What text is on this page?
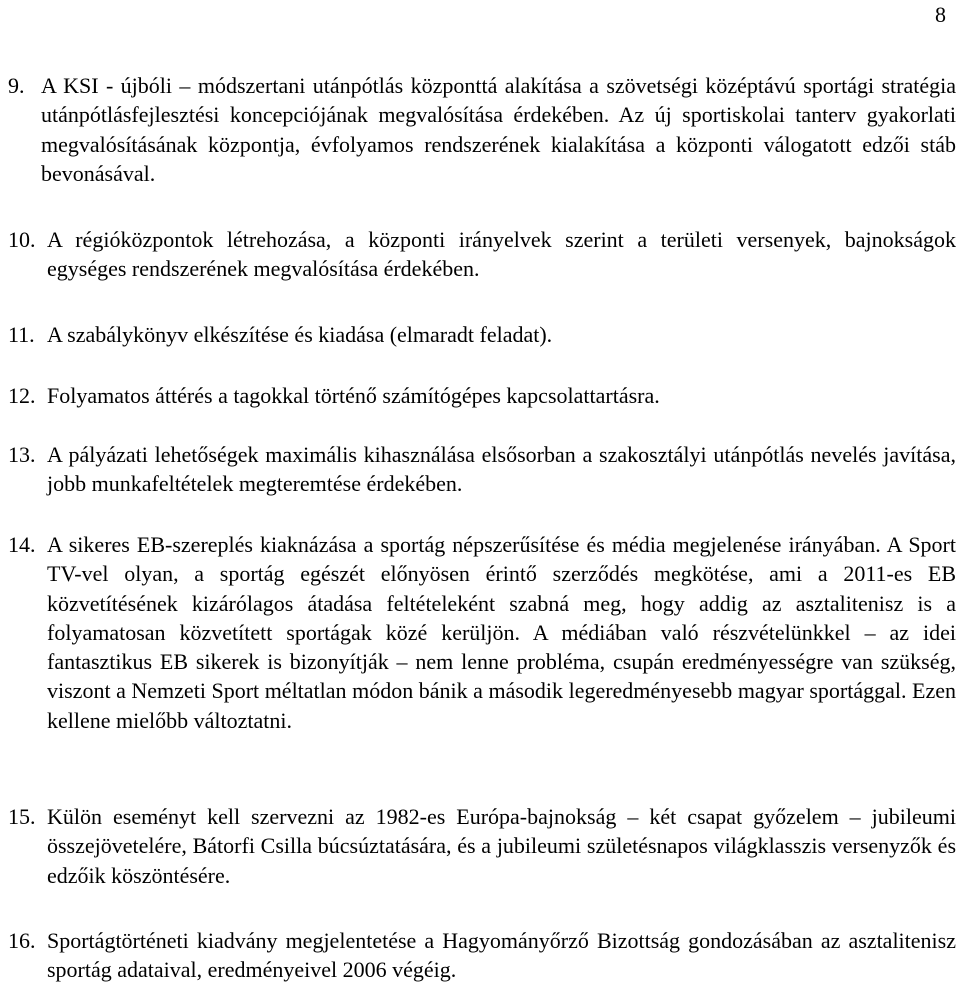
8
9. A KSI - újbóli – módszertani utánpótlás központtá alakítása a szövetségi középtávú sportági stratégia utánpótlásfejlesztési koncepciójának megvalósítása érdekében. Az új sportiskolai tanterv gyakorlati megvalósításának központja, évfolyamos rendszerének kialakítása a központi válogatott edzői stáb bevonásával.
10. A régióközpontok létrehozása, a központi irányelvek szerint a területi versenyek, bajnokságok egységes rendszerének megvalósítása érdekében.
11. A szabálykönyv elkészítése és kiadása (elmaradt feladat).
12. Folyamatos áttérés a tagokkal történő számítógépes kapcsolattartásra.
13. A pályázati lehetőségek maximális kihasználása elsősorban a szakosztályi utánpótlás nevelés javítása, jobb munkafeltételek megteremtése érdekében.
14. A sikeres EB-szereplés kiaknázása a sportág népszerűsítése és média megjelenése irányában. A Sport TV-vel olyan, a sportág egészét előnyösen érintő szerződés megkötése, ami a 2011-es EB közvetítésének kizárólagos átadása feltételeként szabná meg, hogy addig az asztalitenisz is a folyamatosan közvetített sportágak közé kerüljön. A médiában való részvételünkkel – az idei fantasztikus EB sikerek is bizonyítják – nem lenne probléma, csupán eredményességre van szükség, viszont a Nemzeti Sport méltatlan módon bánik a második legeredményesebb magyar sportággal. Ezen kellene mielőbb változtatni.
15. Külön eseményt kell szervezni az 1982-es Európa-bajnokság – két csapat győzelem – jubileumi összejövetelére, Bátorfi Csilla búcsúztatására, és a jubileumi születésnapos világklasszis versenyzők és edzőik köszöntésére.
16. Sportágtörténeti kiadvány megjelentetése a Hagyományőrző Bizottság gondozásában az asztalitenisz sportág adataival, eredményeivel 2006 végéig.
